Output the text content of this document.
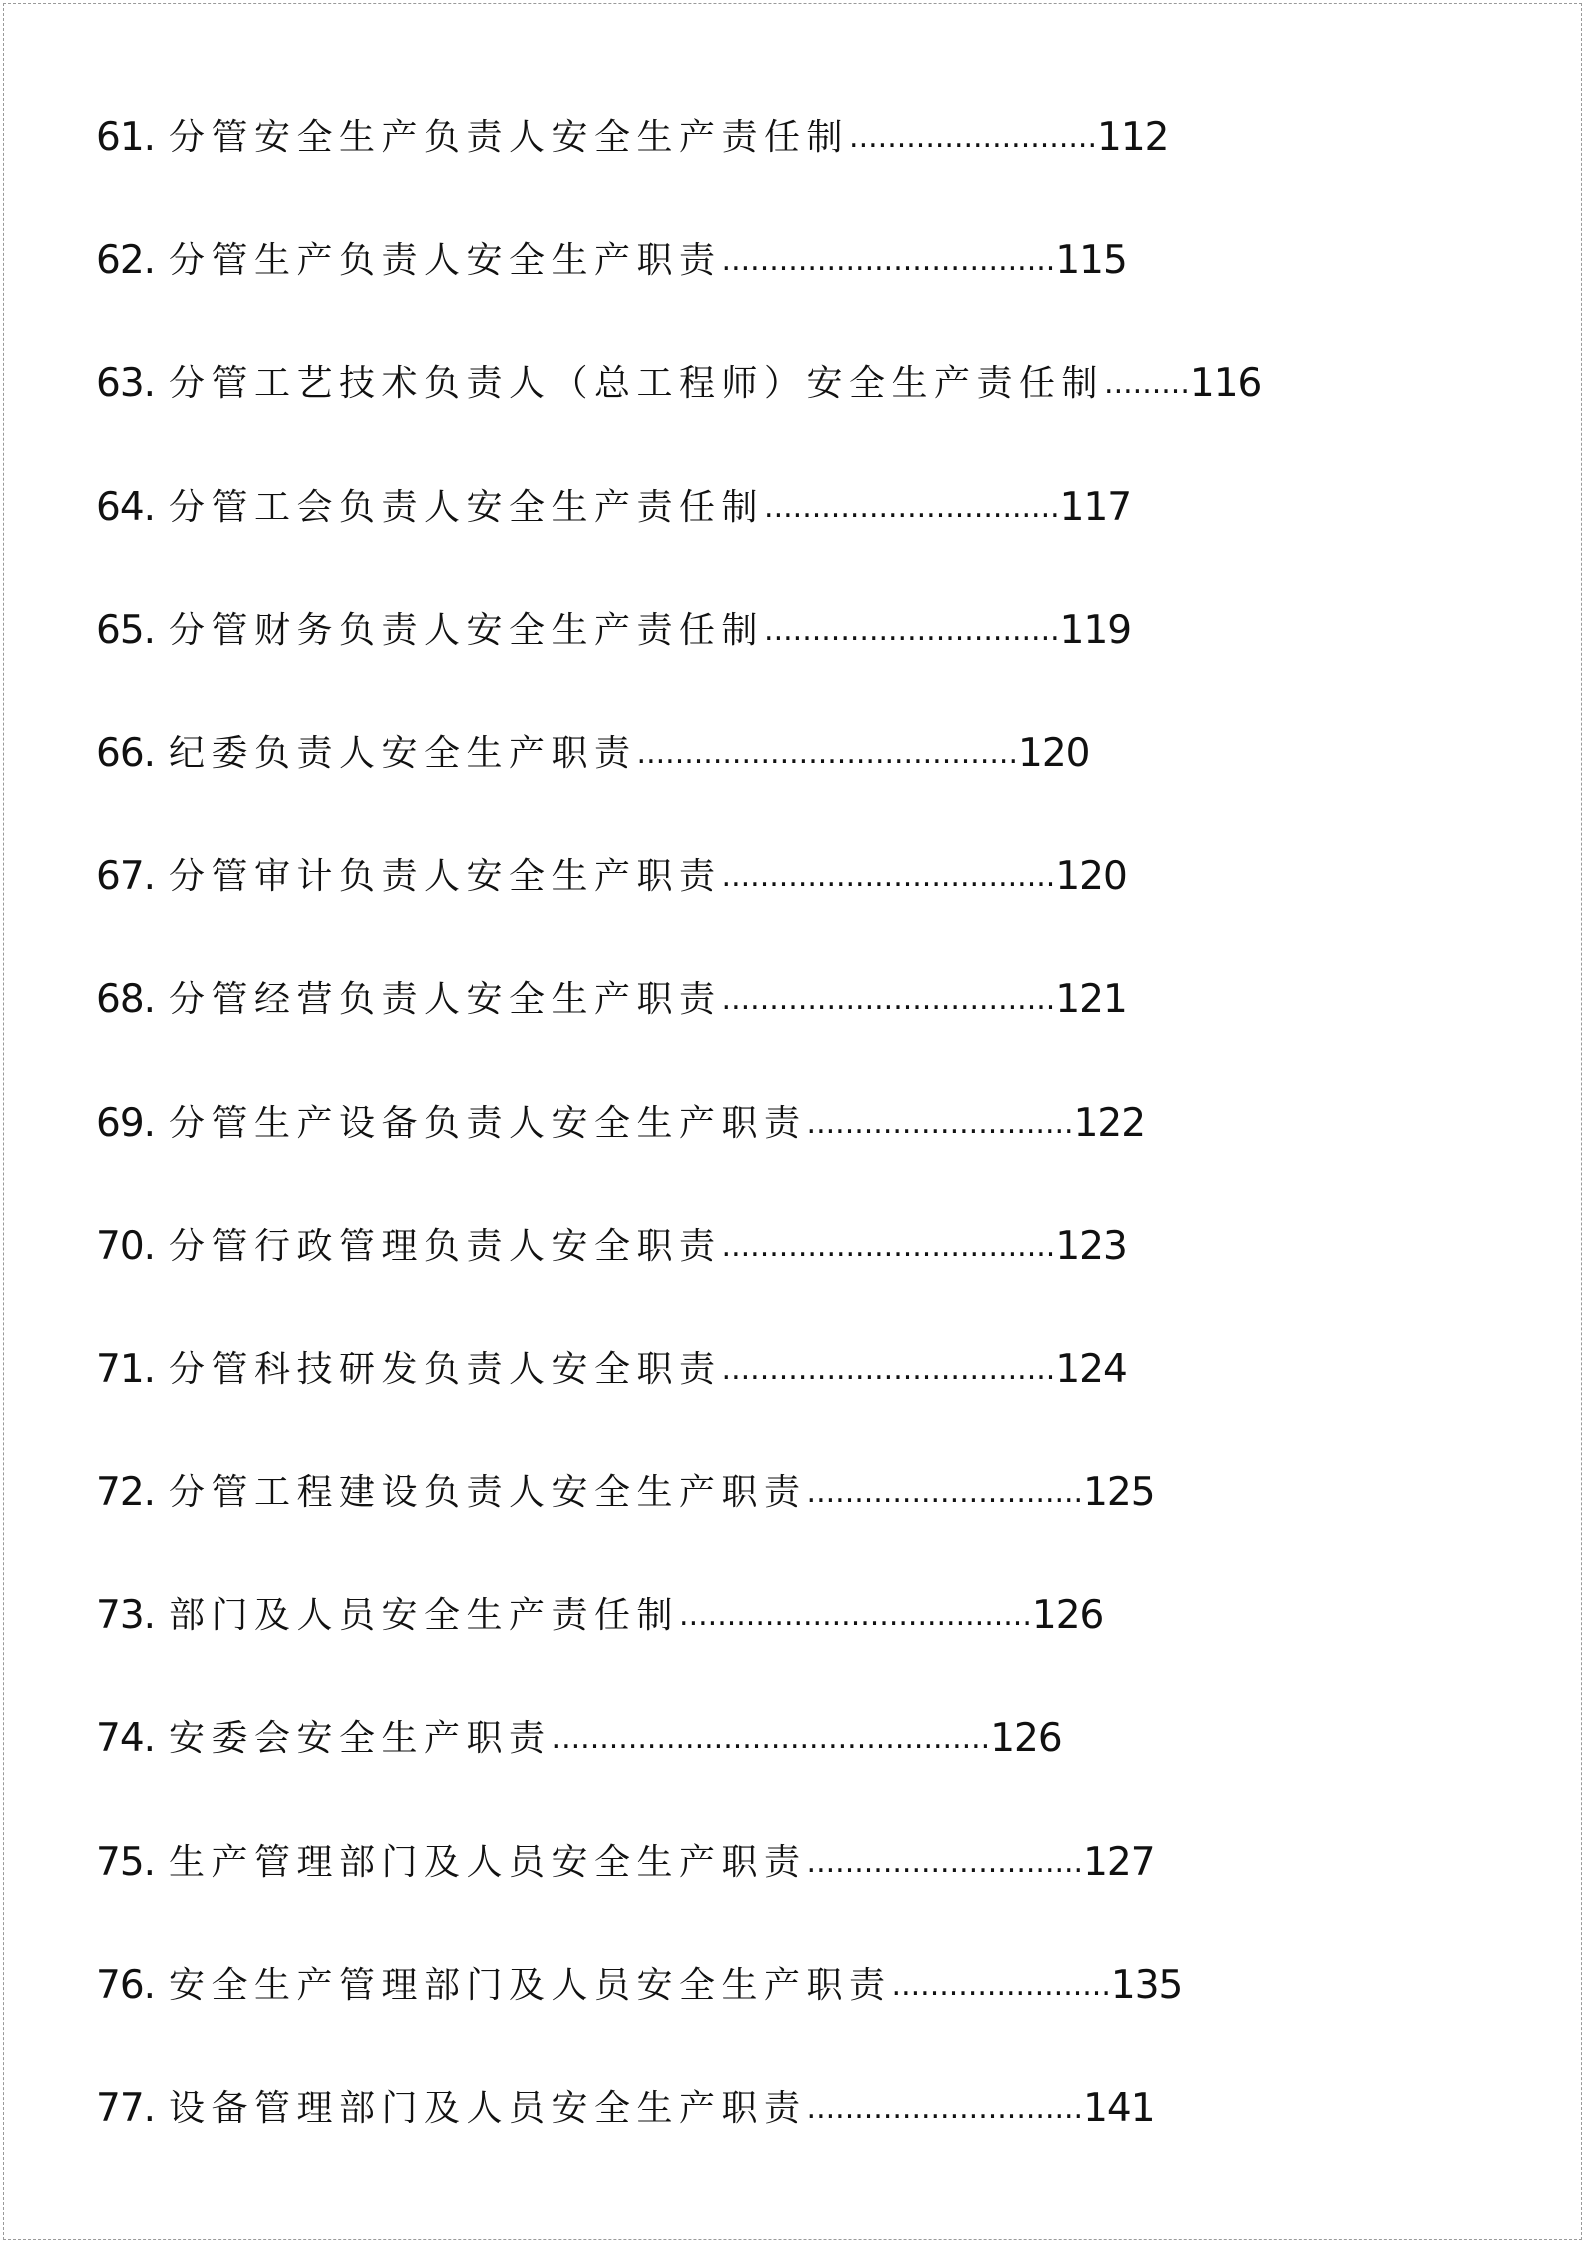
61. 分管安全生产负责人安全生产责任制 .......................... 112
62. 分管生产负责人安全生产职责 ................................... 115
63. 分管工艺技术负责人（总工程师）安全生产责任制 ......... 116
64. 分管工会负责人安全生产责任制 ............................... 117
65. 分管财务负责人安全生产责任制 ............................... 119
66. 纪委负责人安全生产职责 ........................................ 120
67. 分管审计负责人安全生产职责 ................................... 120
68. 分管经营负责人安全生产职责 ................................... 121
69. 分管生产设备负责人安全生产职责 ............................ 122
70. 分管行政管理负责人安全职责 ................................... 123
71. 分管科技研发负责人安全职责 ................................... 124
72. 分管工程建设负责人安全生产职责 ............................. 125
73. 部门及人员安全生产责任制 ..................................... 126
74. 安委会安全生产职责 .............................................. 126
75. 生产管理部门及人员安全生产职责 ............................. 127
76. 安全生产管理部门及人员安全生产职责 ....................... 135
77. 设备管理部门及人员安全生产职责 ............................. 141
